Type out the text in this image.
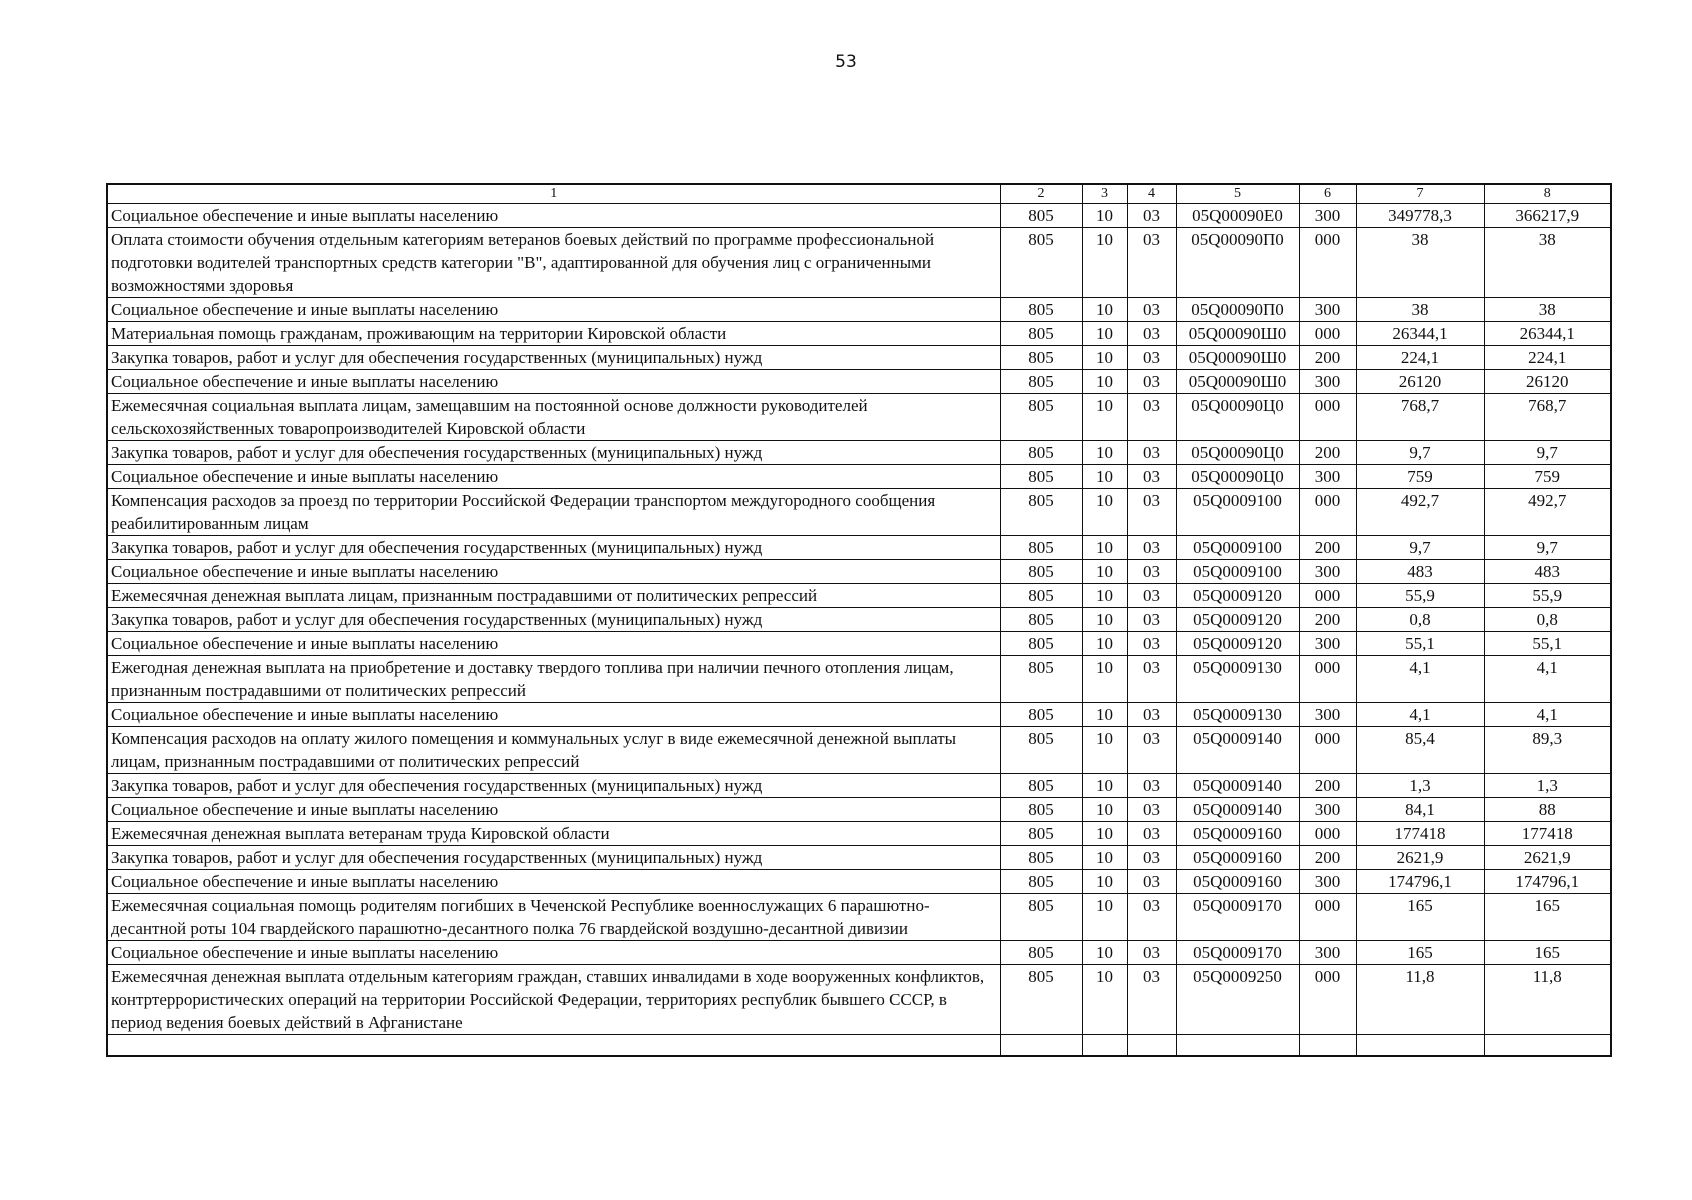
53
1	2	3	4	5	6	7	8
Социальное обеспечение и иные выплаты населению	805	10	03	05Q00090E0	300	349778,3	366217,9
Оплата стоимости обучения отдельным категориям ветеранов боевых действий по программе профессиональной подготовки водителей транспортных средств категории "В", адаптированной для обучения лиц с ограниченными возможностями здоровья	805	10	03	05Q00090П0	000	38	38
Социальное обеспечение и иные выплаты населению	805	10	03	05Q00090П0	300	38	38
Материальная помощь гражданам, проживающим на территории Кировской области	805	10	03	05Q00090Ш0	000	26344,1	26344,1
Закупка товаров, работ и услуг для обеспечения государственных (муниципальных) нужд	805	10	03	05Q00090Ш0	200	224,1	224,1
Социальное обеспечение и иные выплаты населению	805	10	03	05Q00090Ш0	300	26120	26120
Ежемесячная социальная выплата лицам, замещавшим на постоянной основе должности руководителей сельскохозяйственных товаропроизводителей Кировской области	805	10	03	05Q00090Ц0	000	768,7	768,7
Закупка товаров, работ и услуг для обеспечения государственных (муниципальных) нужд	805	10	03	05Q00090Ц0	200	9,7	9,7
Социальное обеспечение и иные выплаты населению	805	10	03	05Q00090Ц0	300	759	759
Компенсация расходов за проезд по территории Российской Федерации транспортом междугородного сообщения реабилитированным лицам	805	10	03	05Q0009100	000	492,7	492,7
Закупка товаров, работ и услуг для обеспечения государственных (муниципальных) нужд	805	10	03	05Q0009100	200	9,7	9,7
Социальное обеспечение и иные выплаты населению	805	10	03	05Q0009100	300	483	483
Ежемесячная денежная выплата лицам, признанным пострадавшими от политических репрессий	805	10	03	05Q0009120	000	55,9	55,9
Закупка товаров, работ и услуг для обеспечения государственных (муниципальных) нужд	805	10	03	05Q0009120	200	0,8	0,8
Социальное обеспечение и иные выплаты населению	805	10	03	05Q0009120	300	55,1	55,1
Ежегодная денежная выплата на приобретение и доставку твердого топлива при наличии печного отопления лицам, признанным пострадавшими от политических репрессий	805	10	03	05Q0009130	000	4,1	4,1
Социальное обеспечение и иные выплаты населению	805	10	03	05Q0009130	300	4,1	4,1
Компенсация расходов на оплату жилого помещения и коммунальных услуг в виде ежемесячной денежной выплаты лицам, признанным пострадавшими от политических репрессий	805	10	03	05Q0009140	000	85,4	89,3
Закупка товаров, работ и услуг для обеспечения государственных (муниципальных) нужд	805	10	03	05Q0009140	200	1,3	1,3
Социальное обеспечение и иные выплаты населению	805	10	03	05Q0009140	300	84,1	88
Ежемесячная денежная выплата ветеранам труда Кировской области	805	10	03	05Q0009160	000	177418	177418
Закупка товаров, работ и услуг для обеспечения государственных (муниципальных) нужд	805	10	03	05Q0009160	200	2621,9	2621,9
Социальное обеспечение и иные выплаты населению	805	10	03	05Q0009160	300	174796,1	174796,1
Ежемесячная социальная помощь родителям погибших в Чеченской Республике военнослужащих 6 парашютно-десантной роты 104 гвардейского парашютно-десантного полка 76 гвардейской воздушно-десантной дивизии	805	10	03	05Q0009170	000	165	165
Социальное обеспечение и иные выплаты населению	805	10	03	05Q0009170	300	165	165
Ежемесячная денежная выплата отдельным категориям граждан, ставших инвалидами в ходе вооруженных конфликтов, контртеррористических операций на территории Российской Федерации, территориях республик бывшего СССР, в период ведения боевых действий в Афганистане	805	10	03	05Q0009250	000	11,8	11,8
